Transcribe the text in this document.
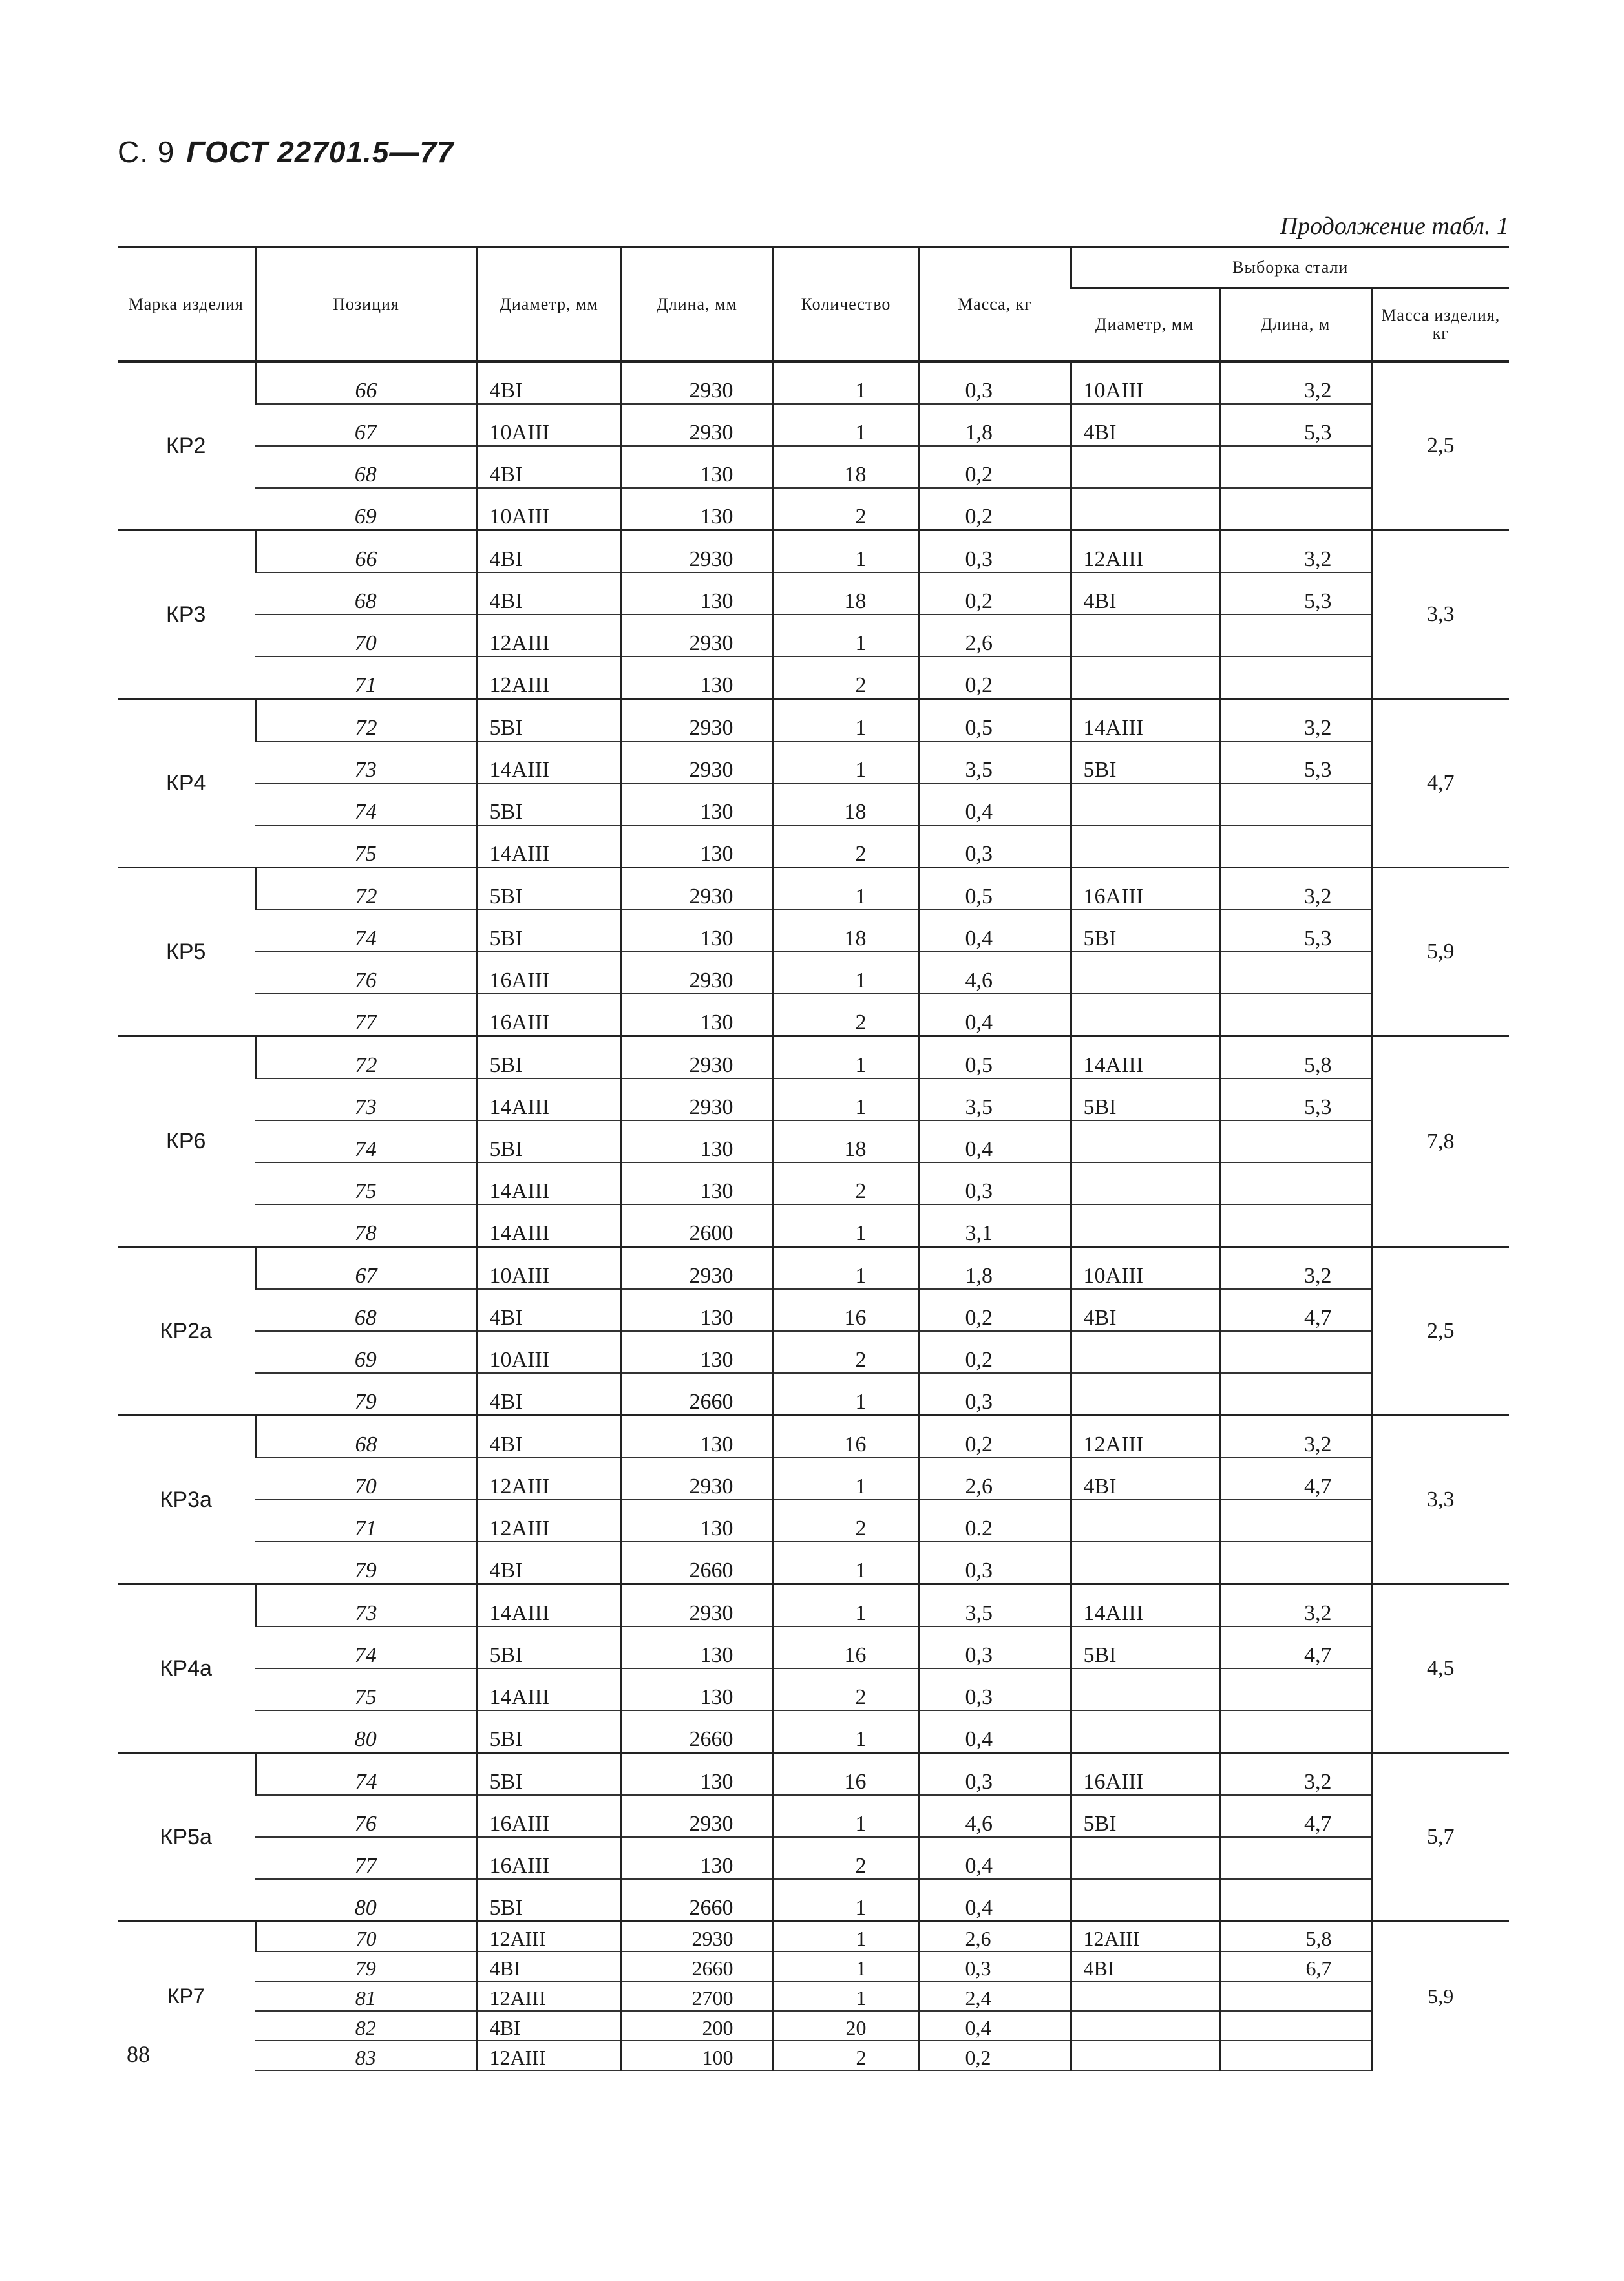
С. 9 ГОСТ 22701.5—77
Продолжение табл. 1
Марка изделия	Позиция	Диаметр, мм	Длина, мм	Количество	Масса, кг	Выборка стали		
						Диаметр, мм	Длина, м	Масса изделия, кг
КР2	66	4BI	2930	1	0,3	10AIII	3,2	2,5
	67	10AIII	2930	1	1,8	4BI	5,3	
	68	4BI	130	18	0,2			
	69	10AIII	130	2	0,2			
КР3	66	4BI	2930	1	0,3	12AIII	3,2	3,3
	68	4BI	130	18	0,2	4BI	5,3	
	70	12AIII	2930	1	2,6			
	71	12AIII	130	2	0,2			
КР4	72	5BI	2930	1	0,5	14AIII	3,2	4,7
	73	14AIII	2930	1	3,5	5BI	5,3	
	74	5BI	130	18	0,4			
	75	14AIII	130	2	0,3			
КР5	72	5BI	2930	1	0,5	16AIII	3,2	5,9
	74	5BI	130	18	0,4	5BI	5,3	
	76	16AIII	2930	1	4,6			
	77	16AIII	130	2	0,4			
КР6	72	5BI	2930	1	0,5	14AIII	5,8	7,8
	73	14AIII	2930	1	3,5	5BI	5,3	
	74	5BI	130	18	0,4			
	75	14AIII	130	2	0,3			
	78	14AIII	2600	1	3,1			
КР2а	67	10AIII	2930	1	1,8	10AIII	3,2	2,5
	68	4BI	130	16	0,2	4BI	4,7	
	69	10AIII	130	2	0,2			
	79	4BI	2660	1	0,3			
КР3а	68	4BI	130	16	0,2	12AIII	3,2	3,3
	70	12AIII	2930	1	2,6	4BI	4,7	
	71	12AIII	130	2	0.2			
	79	4BI	2660	1	0,3			
КР4а	73	14AIII	2930	1	3,5	14AIII	3,2	4,5
	74	5BI	130	16	0,3	5BI	4,7	
	75	14AIII	130	2	0,3			
	80	5BI	2660	1	0,4			
КР5а	74	5BI	130	16	0,3	16AIII	3,2	5,7
	76	16AIII	2930	1	4,6	5BI	4,7	
	77	16AIII	130	2	0,4			
	80	5BI	2660	1	0,4			
КР7	70	12AIII	2930	1	2,6	12AIII	5,8	5,9
	79	4BI	2660	1	0,3	4BI	6,7	
	81	12AIII	2700	1	2,4			
	82	4BI	200	20	0,4			
	83	12AIII	100	2	0,2			
88
